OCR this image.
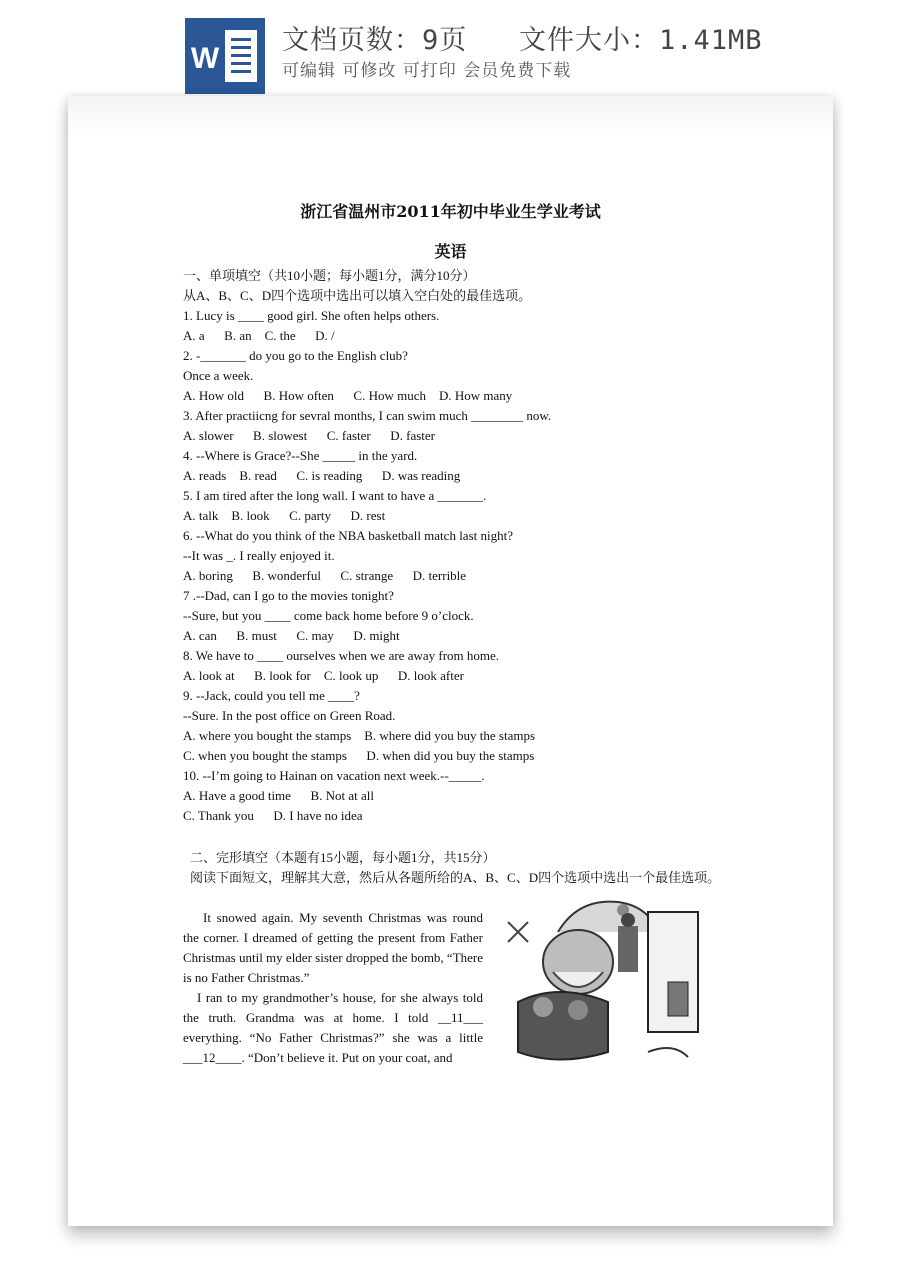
W
文档页数：9页   文件大小：1.41MB
可编辑 可修改 可打印 会员免费下载
浙江省温州市2011年初中毕业生学业考试
英语
一、单项填空（共10小题；每小题1分，满分10分）
从A、B、C、D四个选项中选出可以填入空白处的最佳选项。
1. Lucy is ____ good girl. She often helps others.
A. a      B. an    C. the      D. /
2. -_______ do you go to the English club?
Once a week.
A. How old      B. How often      C. How much    D. How many
3. After practiicng for sevral months, I can swim much ________ now.
A. slower      B. slowest      C. faster      D. faster
4. --Where is Grace?--She _____ in the yard.
A. reads    B. read      C. is reading      D. was reading
5. I am tired after the long wall. I want to have a _______.
A. talk    B. look      C. party      D. rest
6. --What do you think of the NBA basketball match last night?
--It was _. I really enjoyed it.
A. boring      B. wonderful      C. strange      D. terrible
7 .--Dad, can I go to the movies tonight?
--Sure, but you ____ come back home before 9 o’clock.
A. can      B. must      C. may      D. might
8. We have to ____ ourselves when we are away from home.
A. look at      B. look for    C. look up      D. look after
9. --Jack, could you tell me ____?
--Sure. In the post office on Green Road.
A. where you bought the stamps    B. where did you buy the stamps
C. when you bought the stamps      D. when did you buy the stamps
10. --I’m going to Hainan on vacation next week.--_____.
A. Have a good time      B. Not at all
C. Thank you      D. I have no idea
二、完形填空（本题有15小题，每小题1分，共15分）
阅读下面短文，理解其大意，然后从各题所给的A、B、C、D四个选项中选出一个最佳选项。

It snowed again. My seventh Christmas was round the corner. I dreamed of getting the present from Father Christmas until my elder sister dropped the bomb, “There is no Father Christmas.”

I ran to my grandmother’s house, for she always told the truth. Grandma was at home. I told __11___ everything. “No Father Christmas?” she was a little ___12____. “Don’t believe it. Put on your coat, and
